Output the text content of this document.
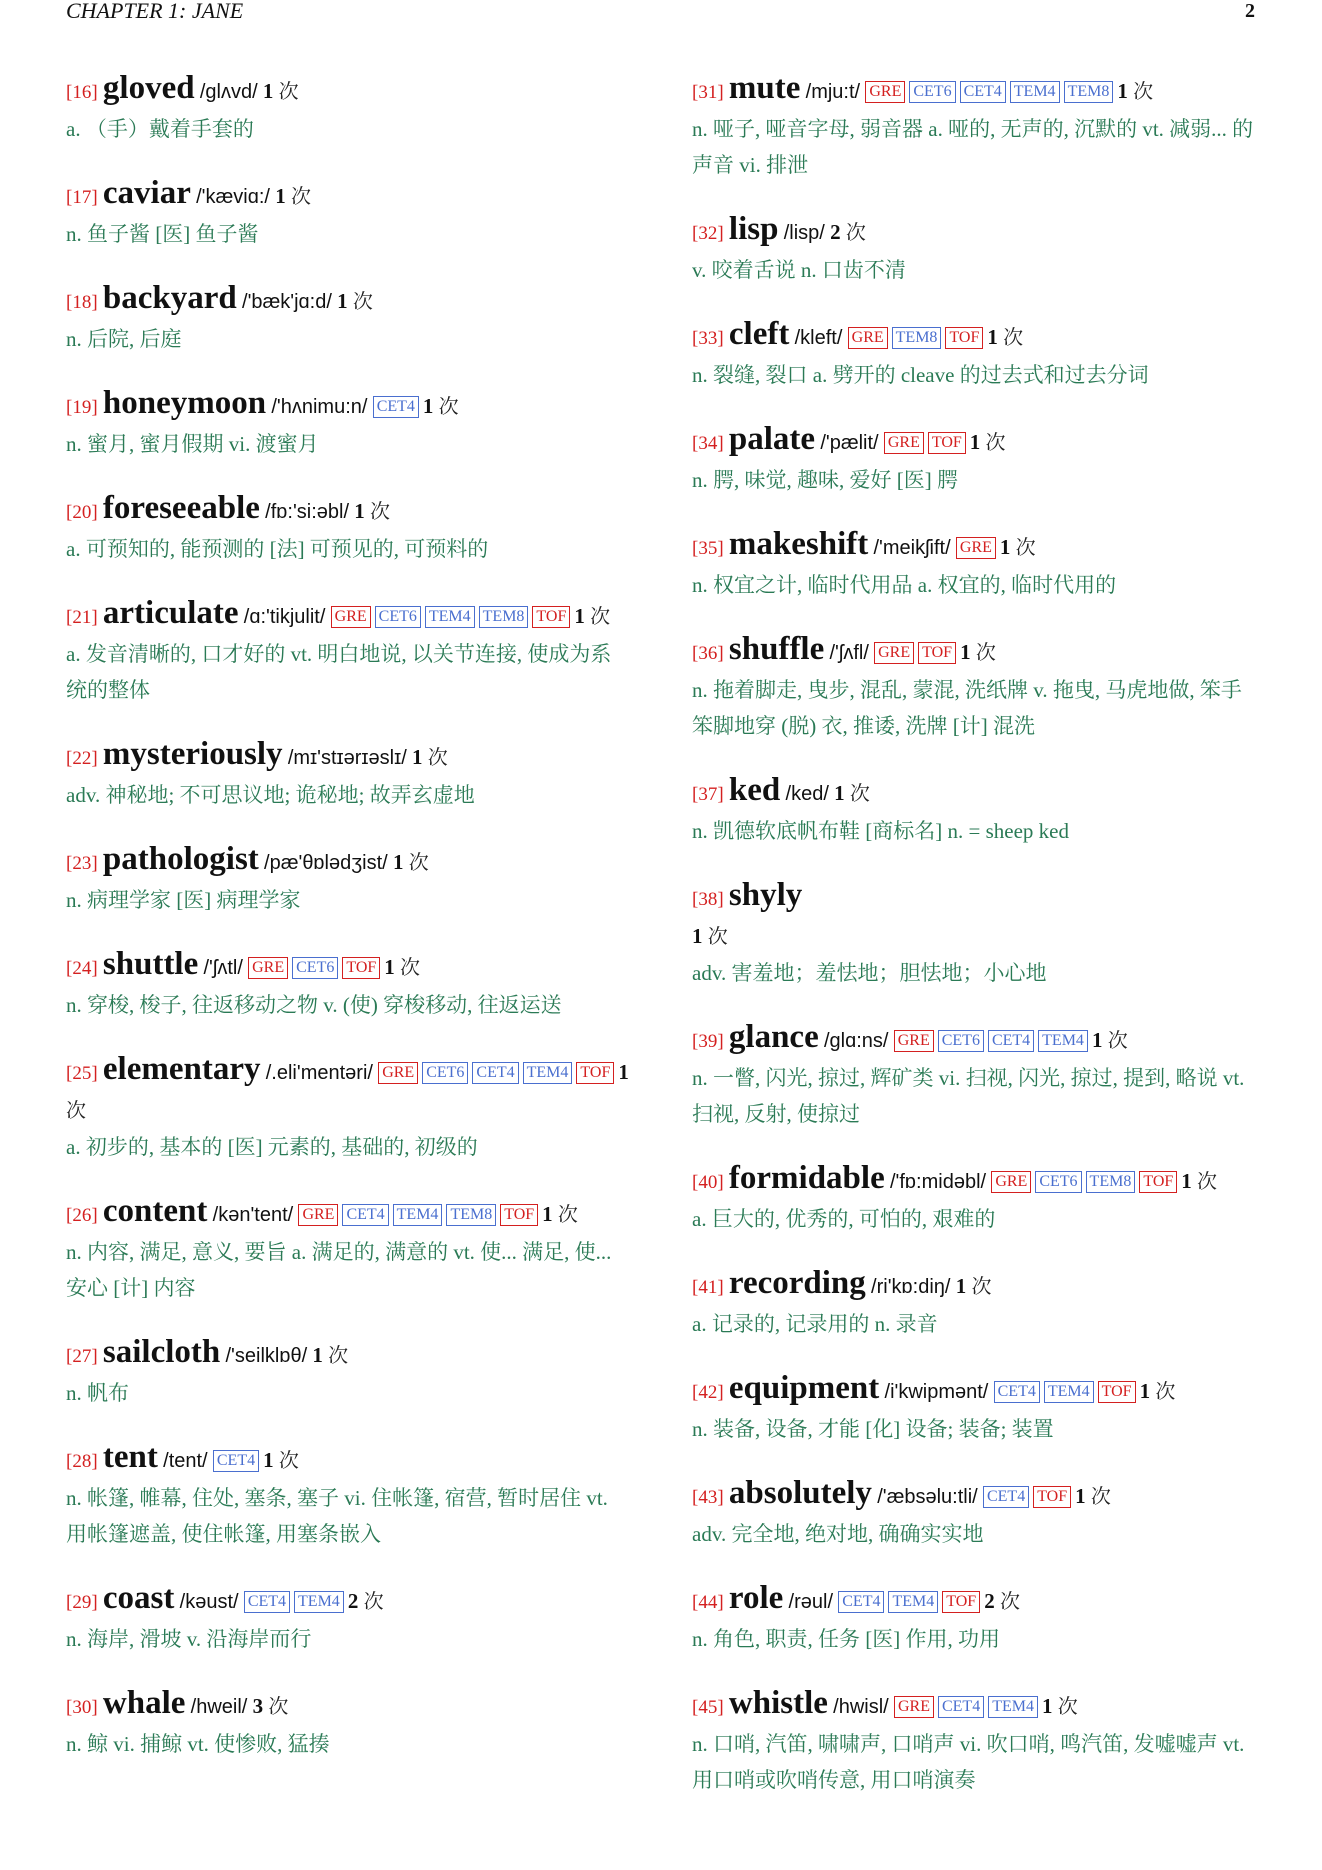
CHAPTER 1: JANE	2
[16] gloved /glʌvd/ 1 次
a. （手）戴着手套的
[17] caviar /'kæviɑ:/ 1 次
n. 鱼子酱 [医] 鱼子酱
[18] backyard /'bæk'jɑ:d/ 1 次
n. 后院, 后庭
[19] honeymoon /'hʌnimu:n/ CET4 1 次
n. 蜜月, 蜜月假期 vi. 渡蜜月
[20] foreseeable /fɒ:'si:əbl/ 1 次
a. 可预知的, 能预测的 [法] 可预见的, 可预料的
[21] articulate /ɑ:'tikjulit/ GRE CET6 TEM4 TEM8 TOF 1 次
a. 发音清晰的, 口才好的 vt. 明白地说, 以关节连接, 使成为系统的整体
[22] mysteriously /mɪ'stɪərɪəslɪ/ 1 次
adv. 神秘地; 不可思议地; 诡秘地; 故弄玄虚地
[23] pathologist /pæ'θɒlədʒist/ 1 次
n. 病理学家 [医] 病理学家
[24] shuttle /'ʃʌtl/ GRE CET6 TOF 1 次
n. 穿梭, 梭子, 往返移动之物 v. (使) 穿梭移动, 往返运送
[25] elementary /.eli'mentəri/ GRE CET6 CET4 TEM4 TOF 1 次
a. 初步的, 基本的 [医] 元素的, 基础的, 初级的
[26] content /kən'tent/ GRE CET4 TEM4 TEM8 TOF 1 次
n. 内容, 满足, 意义, 要旨 a. 满足的, 满意的 vt. 使... 满足, 使... 安心 [计] 内容
[27] sailcloth /'seilklɒθ/ 1 次
n. 帆布
[28] tent /tent/ CET4 1 次
n. 帐篷, 帷幕, 住处, 塞条, 塞子 vi. 住帐篷, 宿营, 暂时居住 vt. 用帐篷遮盖, 使住帐篷, 用塞条嵌入
[29] coast /kəust/ CET4 TEM4 2 次
n. 海岸, 滑坡 v. 沿海岸而行
[30] whale /hweil/ 3 次
n. 鲸 vi. 捕鲸 vt. 使惨败, 猛揍
[31] mute /mju:t/ GRE CET6 CET4 TEM4 TEM8 1 次
n. 哑子, 哑音字母, 弱音器 a. 哑的, 无声的, 沉默的 vt. 减弱... 的声音 vi. 排泄
[32] lisp /lisp/ 2 次
v. 咬着舌说 n. 口齿不清
[33] cleft /kleft/ GRE TEM8 TOF 1 次
n. 裂缝, 裂口 a. 劈开的 cleave 的过去式和过去分词
[34] palate /'pælit/ GRE TOF 1 次
n. 腭, 味觉, 趣味, 爱好 [医] 腭
[35] makeshift /'meikʃift/ GRE 1 次
n. 权宜之计, 临时代用品 a. 权宜的, 临时代用的
[36] shuffle /'ʃʌfl/ GRE TOF 1 次
n. 拖着脚走, 曳步, 混乱, 蒙混, 洗纸牌 v. 拖曳, 马虎地做, 笨手笨脚地穿 (脱) 衣, 推诿, 洗牌 [计] 混洗
[37] ked /ked/ 1 次
n. 凯德软底帆布鞋 [商标名] n. = sheep ked
[38] shyly
1 次
adv. 害羞地；羞怯地；胆怯地；小心地
[39] glance /glɑ:ns/ GRE CET6 CET4 TEM4 1 次
n. 一瞥, 闪光, 掠过, 辉矿类 vi. 扫视, 闪光, 掠过, 提到, 略说 vt. 扫视, 反射, 使掠过
[40] formidable /'fɒ:midəbl/ GRE CET6 TEM8 TOF 1 次
a. 巨大的, 优秀的, 可怕的, 艰难的
[41] recording /ri'kɒ:diŋ/ 1 次
a. 记录的, 记录用的 n. 录音
[42] equipment /i'kwipmənt/ CET4 TEM4 TOF 1 次
n. 装备, 设备, 才能 [化] 设备; 装备; 装置
[43] absolutely /'æbsəlu:tli/ CET4 TOF 1 次
adv. 完全地, 绝对地, 确确实实地
[44] role /rəul/ CET4 TEM4 TOF 2 次
n. 角色, 职责, 任务 [医] 作用, 功用
[45] whistle /hwisl/ GRE CET4 TEM4 1 次
n. 口哨, 汽笛, 啸啸声, 口哨声 vi. 吹口哨, 鸣汽笛, 发嘘嘘声 vt. 用口哨或吹哨传意, 用口哨演奏
